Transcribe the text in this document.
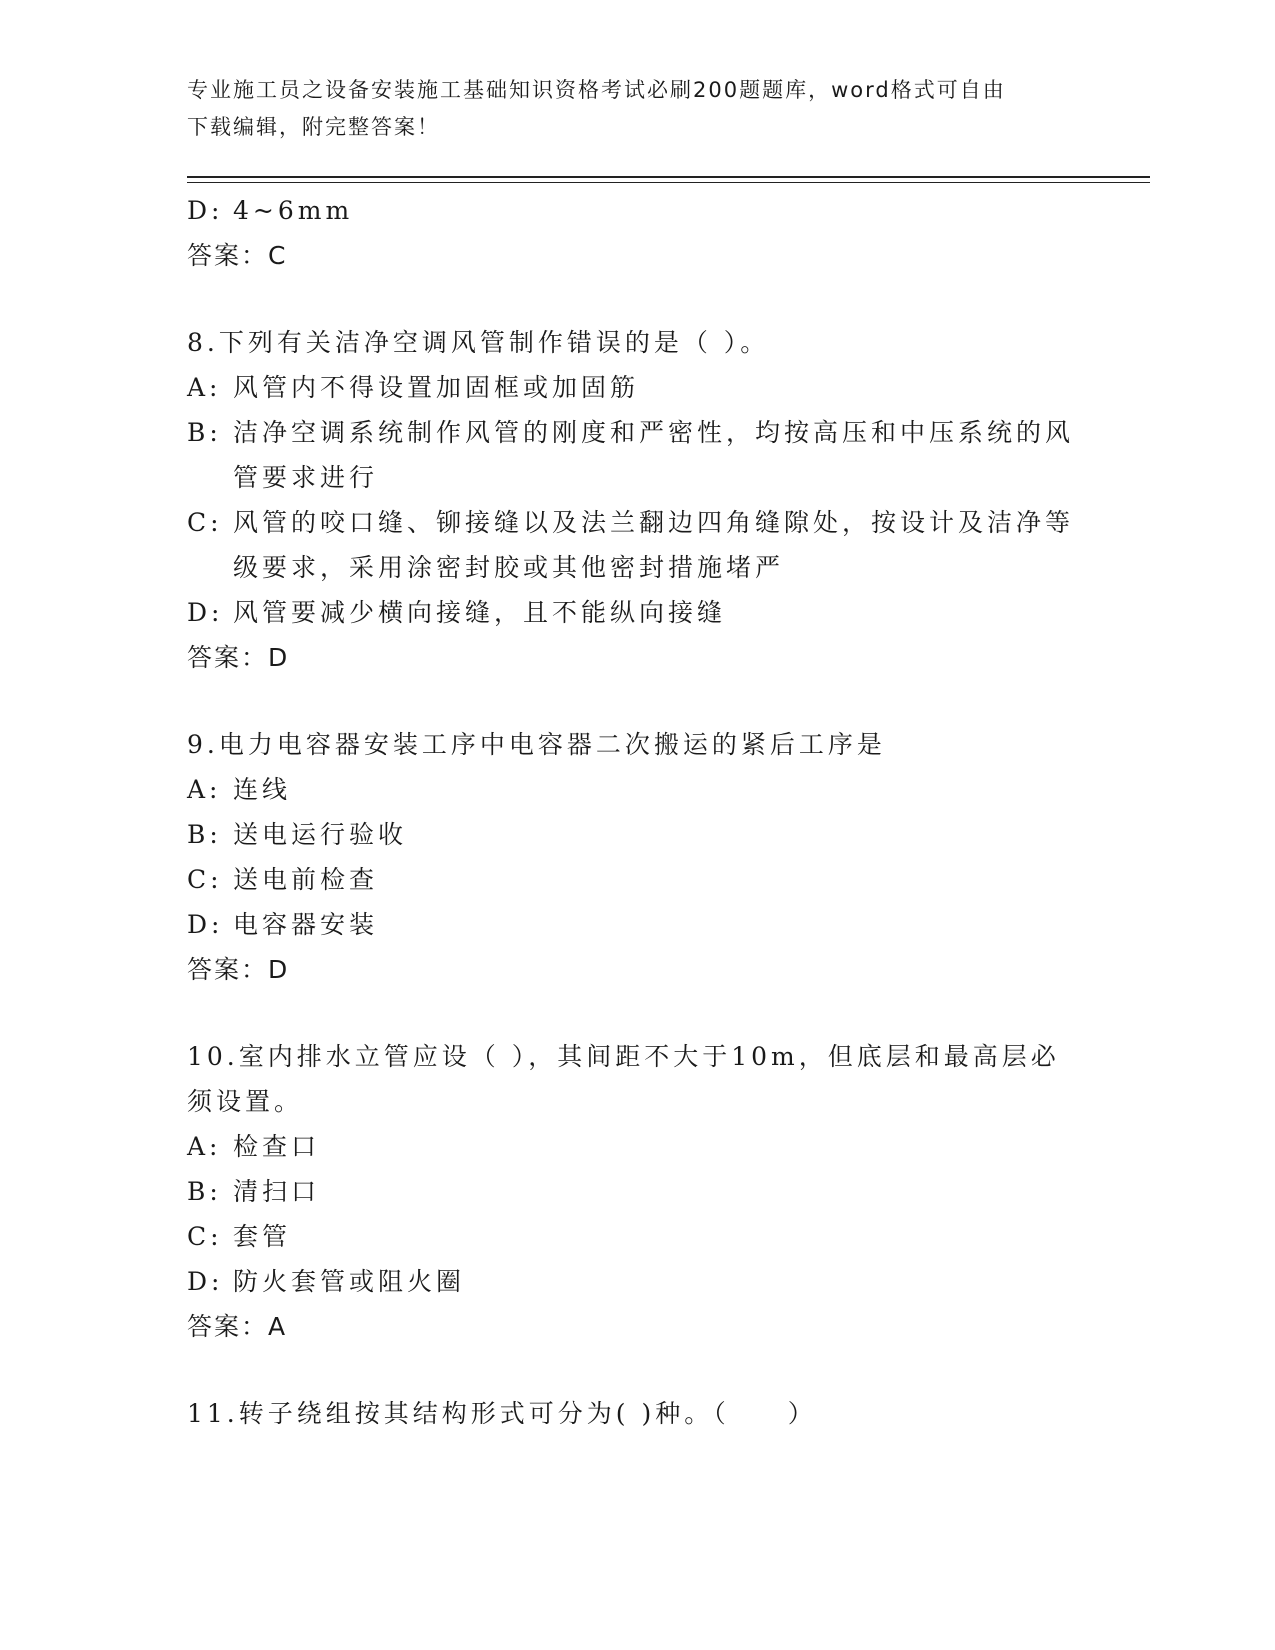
专业施工员之设备安装施工基础知识资格考试必刷200题题库，word格式可自由
下载编辑，附完整答案！
D: 4~6mm
答案：C
8.下列有关洁净空调风管制作错误的是（ ）。
A: 风管内不得设置加固框或加固筋
B: 洁净空调系统制作风管的刚度和严密性，均按高压和中压系统的风管要求进行
C: 风管的咬口缝、铆接缝以及法兰翻边四角缝隙处，按设计及洁净等级要求，采用涂密封胶或其他密封措施堵严
D: 风管要减少横向接缝，且不能纵向接缝
答案：D
9.电力电容器安装工序中电容器二次搬运的紧后工序是
A: 连线
B: 送电运行验收
C: 送电前检查
D: 电容器安装
答案：D
10.室内排水立管应设（ ），其间距不大于10m，但底层和最高层必须设置。
A: 检查口
B: 清扫口
C: 套管
D: 防火套管或阻火圈
答案：A
11.转子绕组按其结构形式可分为( )种。（　　）
